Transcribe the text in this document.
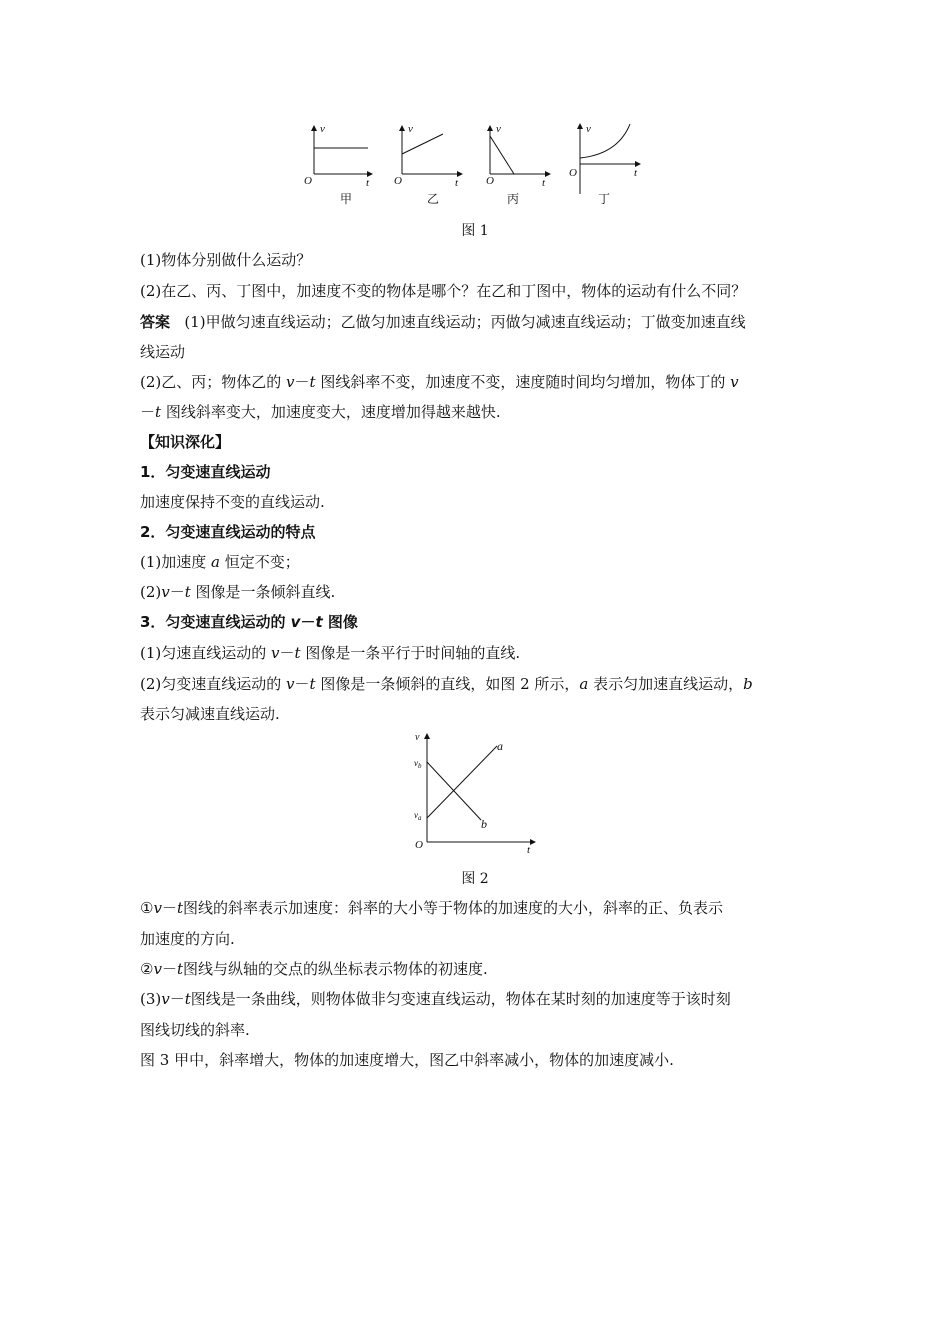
v
t
O
甲
v
t
O
乙
v
t
O
丙
v
t
O
丁
图 1
(1)物体分别做什么运动？
(2)在乙、丙、丁图中，加速度不变的物体是哪个？在乙和丁图中，物体的运动有什么不同？
答案 (1)甲做匀速直线运动；乙做匀加速直线运动；丙做匀减速直线运动；丁做变加速直线
线运动
(2)乙、丙；物体乙的 v－t 图线斜率不变，加速度不变，速度随时间均匀增加，物体丁的 v
－t 图线斜率变大，加速度变大，速度增加得越来越快.
【知识深化】
1．匀变速直线运动
加速度保持不变的直线运动.
2．匀变速直线运动的特点
(1)加速度 a 恒定不变；
(2)v－t 图像是一条倾斜直线.
3．匀变速直线运动的 v－t 图像
(1)匀速直线运动的 v－t 图像是一条平行于时间轴的直线.
(2)匀变速直线运动的 v－t 图像是一条倾斜的直线，如图 2 所示，a 表示匀加速直线运动，b
表示匀减速直线运动.
v
t
O
$v_b$
$v_a$
a
b
图 2
①v－t图线的斜率表示加速度：斜率的大小等于物体的加速度的大小，斜率的正、负表示
加速度的方向.
②v－t图线与纵轴的交点的纵坐标表示物体的初速度.
(3)v－t图线是一条曲线，则物体做非匀变速直线运动，物体在某时刻的加速度等于该时刻
图线切线的斜率.
图 3 甲中，斜率增大，物体的加速度增大，图乙中斜率减小，物体的加速度减小.
